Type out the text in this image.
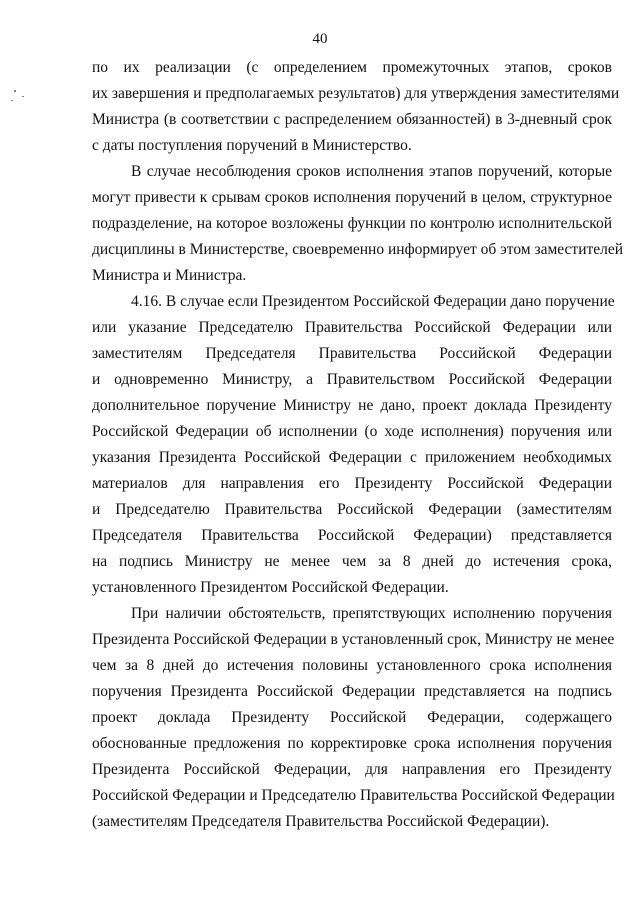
40
по их реализации (с определением промежуточных этапов, сроков
их завершения и предполагаемых результатов) для утверждения заместителями
Министра (в соответствии с распределением обязанностей) в 3-дневный срок
с даты поступления поручений в Министерство.
В случае несоблюдения сроков исполнения этапов поручений, которые
могут привести к срывам сроков исполнения поручений в целом, структурное
подразделение, на которое возложены функции по контролю исполнительской
дисциплины в Министерстве, своевременно информирует об этом заместителей
Министра и Министра.
4.16. В случае если Президентом Российской Федерации дано поручение
или указание Председателю Правительства Российской Федерации или
заместителям Председателя Правительства Российской Федерации
и одновременно Министру, а Правительством Российской Федерации
дополнительное поручение Министру не дано, проект доклада Президенту
Российской Федерации об исполнении (о ходе исполнения) поручения или
указания Президента Российской Федерации с приложением необходимых
материалов для направления его Президенту Российской Федерации
и Председателю Правительства Российской Федерации (заместителям
Председателя Правительства Российской Федерации) представляется
на подпись Министру не менее чем за 8 дней до истечения срока,
установленного Президентом Российской Федерации.
При наличии обстоятельств, препятствующих исполнению поручения
Президента Российской Федерации в установленный срок, Министру не менее
чем за 8 дней до истечения половины установленного срока исполнения
поручения Президента Российской Федерации представляется на подпись
проект доклада Президенту Российской Федерации, содержащего
обоснованные предложения по корректировке срока исполнения поручения
Президента Российской Федерации, для направления его Президенту
Российской Федерации и Председателю Правительства Российской Федерации
(заместителям Председателя Правительства Российской Федерации).
